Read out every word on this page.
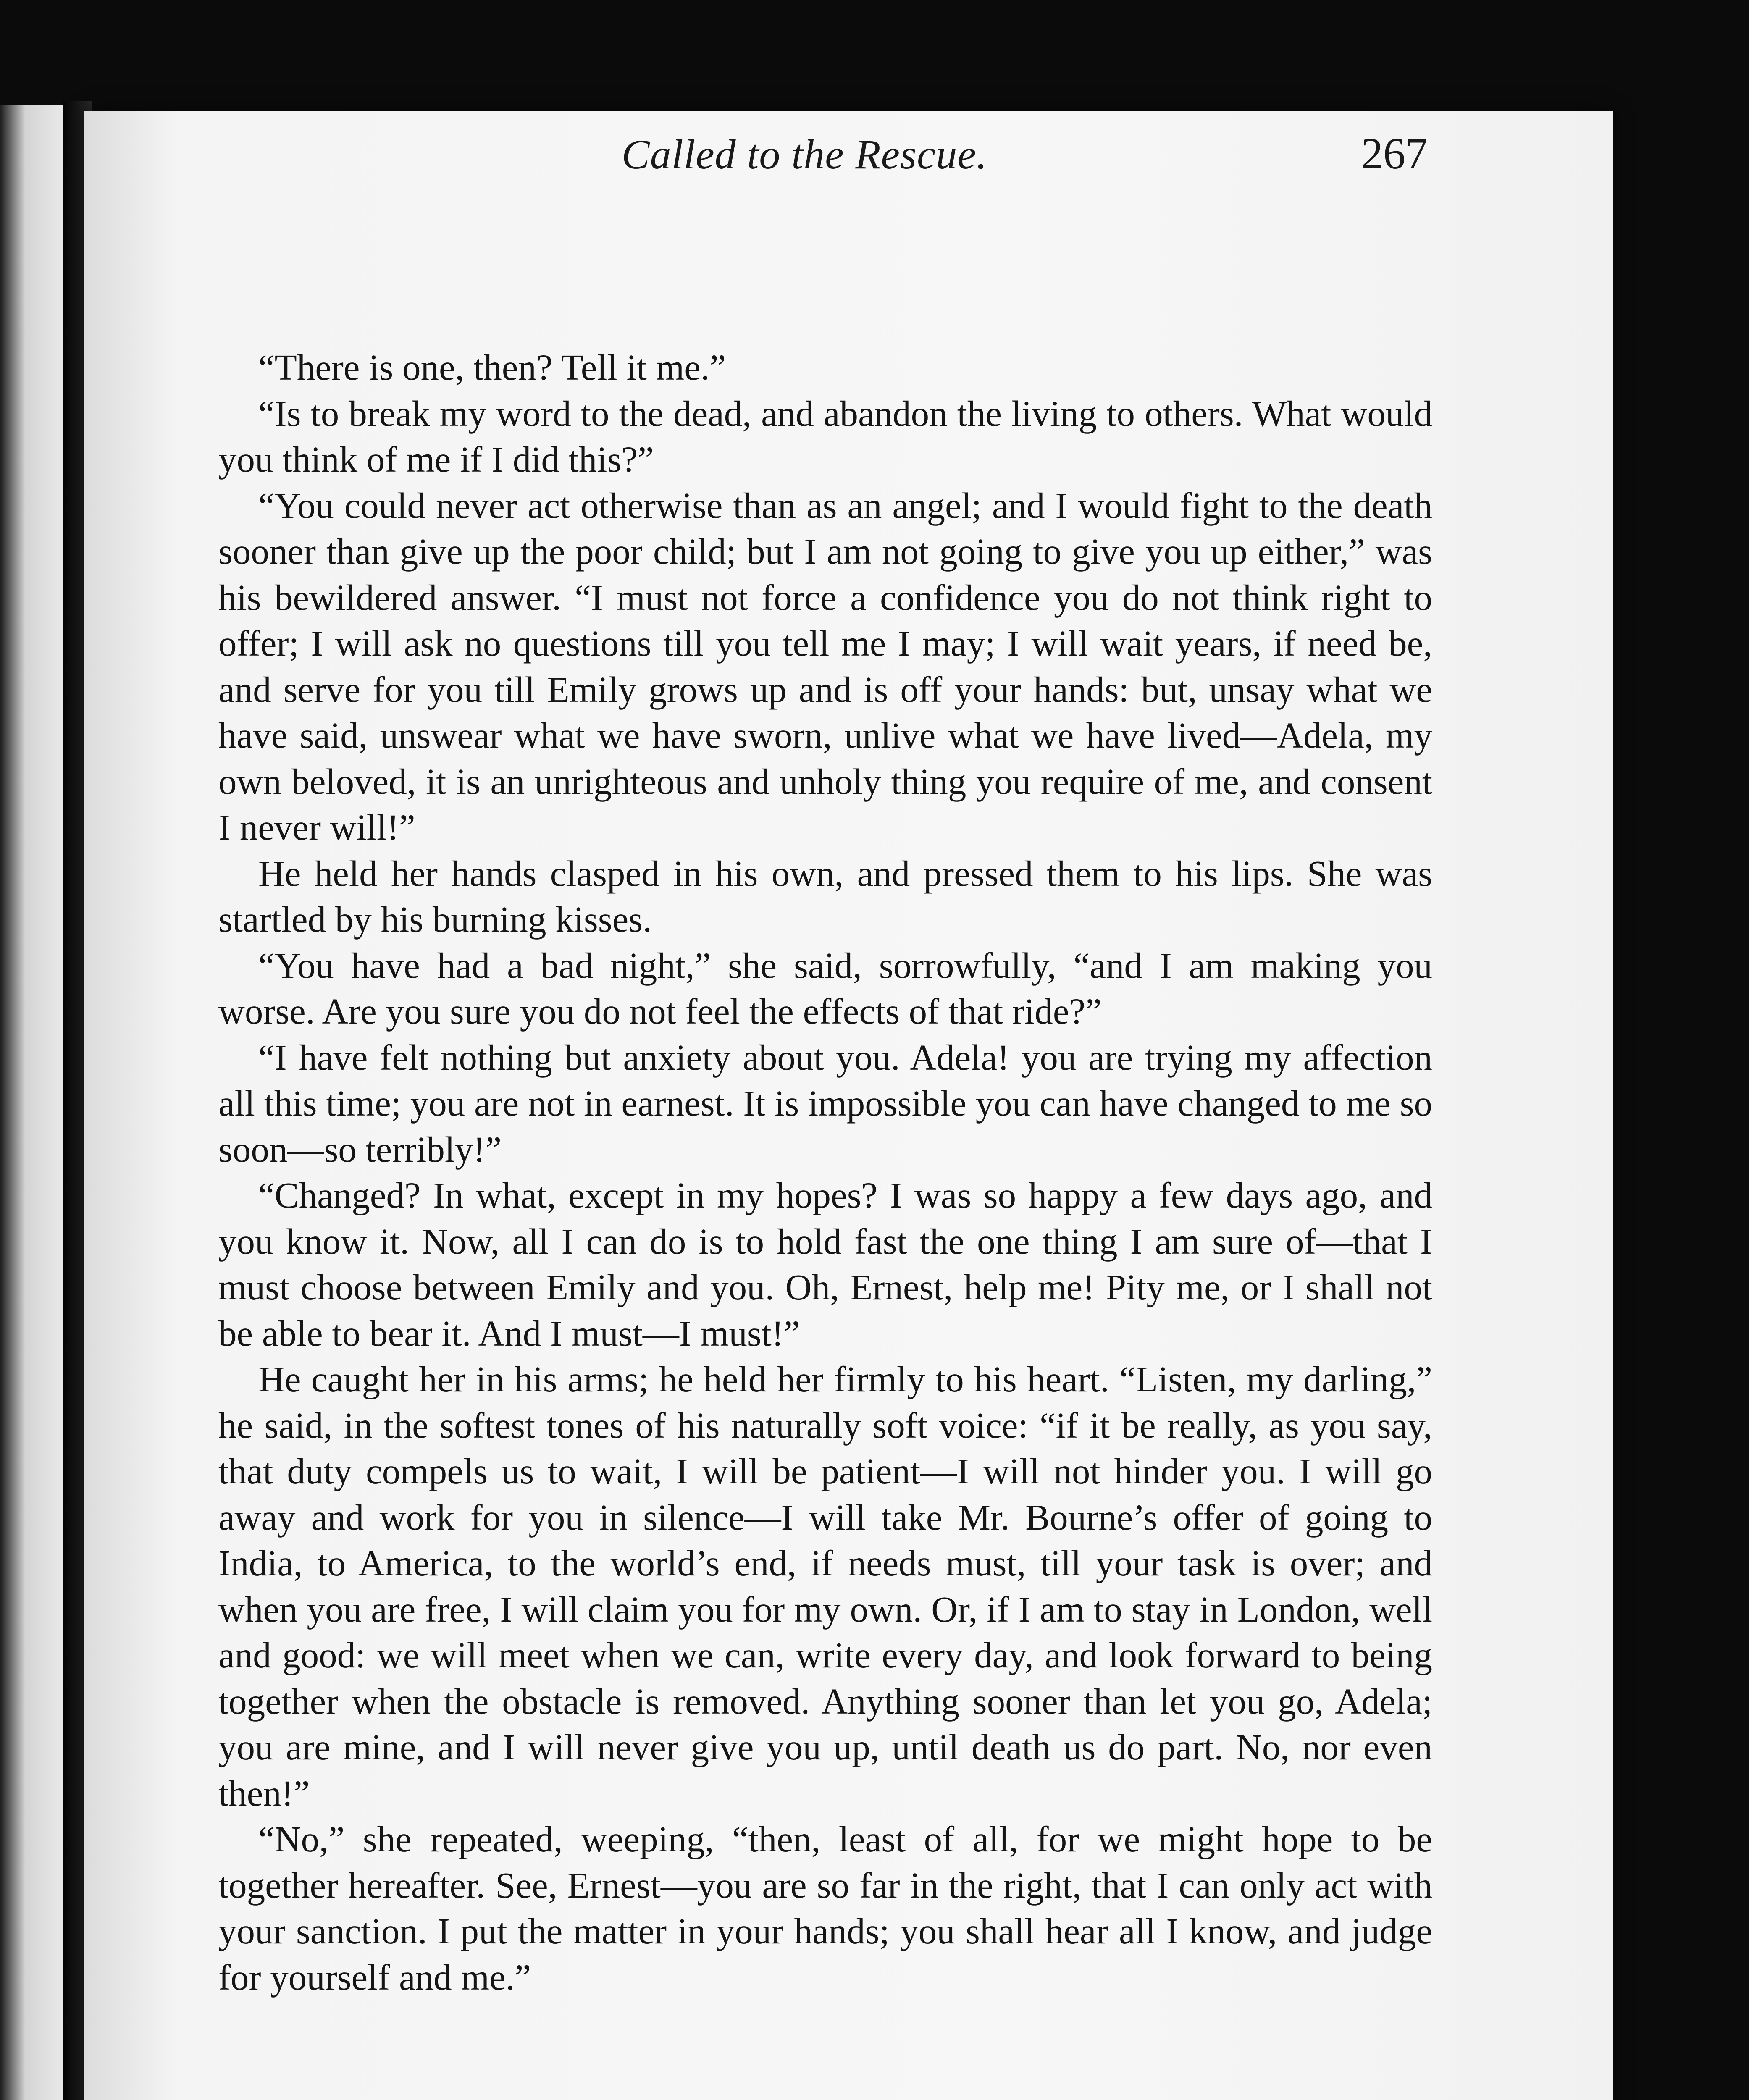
Called to the Rescue.	267

“There is one, then? Tell it me.”

“Is to break my word to the dead, and abandon the living to others. What would you think of me if I did this?”

“You could never act otherwise than as an angel; and I would fight to the death sooner than give up the poor child; but I am not going to give you up either,” was his bewildered answer. “I must not force a confidence you do not think right to offer; I will ask no questions till you tell me I may; I will wait years, if need be, and serve for you till Emily grows up and is off your hands: but, unsay what we have said, unswear what we have sworn, unlive what we have lived—Adela, my own beloved, it is an unrighteous and unholy thing you require of me, and consent I never will!”

He held her hands clasped in his own, and pressed them to his lips. She was startled by his burning kisses.

“You have had a bad night,” she said, sorrowfully, “and I am making you worse. Are you sure you do not feel the effects of that ride?”

“I have felt nothing but anxiety about you. Adela! you are trying my affection all this time; you are not in earnest. It is impossible you can have changed to me so soon—so terribly!”

“Changed? In what, except in my hopes? I was so happy a few days ago, and you know it. Now, all I can do is to hold fast the one thing I am sure of—that I must choose between Emily and you. Oh, Ernest, help me! Pity me, or I shall not be able to bear it. And I must—I must!”

He caught her in his arms; he held her firmly to his heart. “Listen, my darling,” he said, in the softest tones of his naturally soft voice: “if it be really, as you say, that duty compels us to wait, I will be patient—I will not hinder you. I will go away and work for you in silence—I will take Mr. Bourne’s offer of going to India, to America, to the world’s end, if needs must, till your task is over; and when you are free, I will claim you for my own. Or, if I am to stay in London, well and good: we will meet when we can, write every day, and look forward to being together when the obstacle is removed. Anything sooner than let you go, Adela; you are mine, and I will never give you up, until death us do part. No, nor even then!”

“No,” she repeated, weeping, “then, least of all, for we might hope to be together hereafter. See, Ernest—you are so far in the right, that I can only act with your sanction. I put the matter in your hands; you shall hear all I know, and judge for yourself and me.”
